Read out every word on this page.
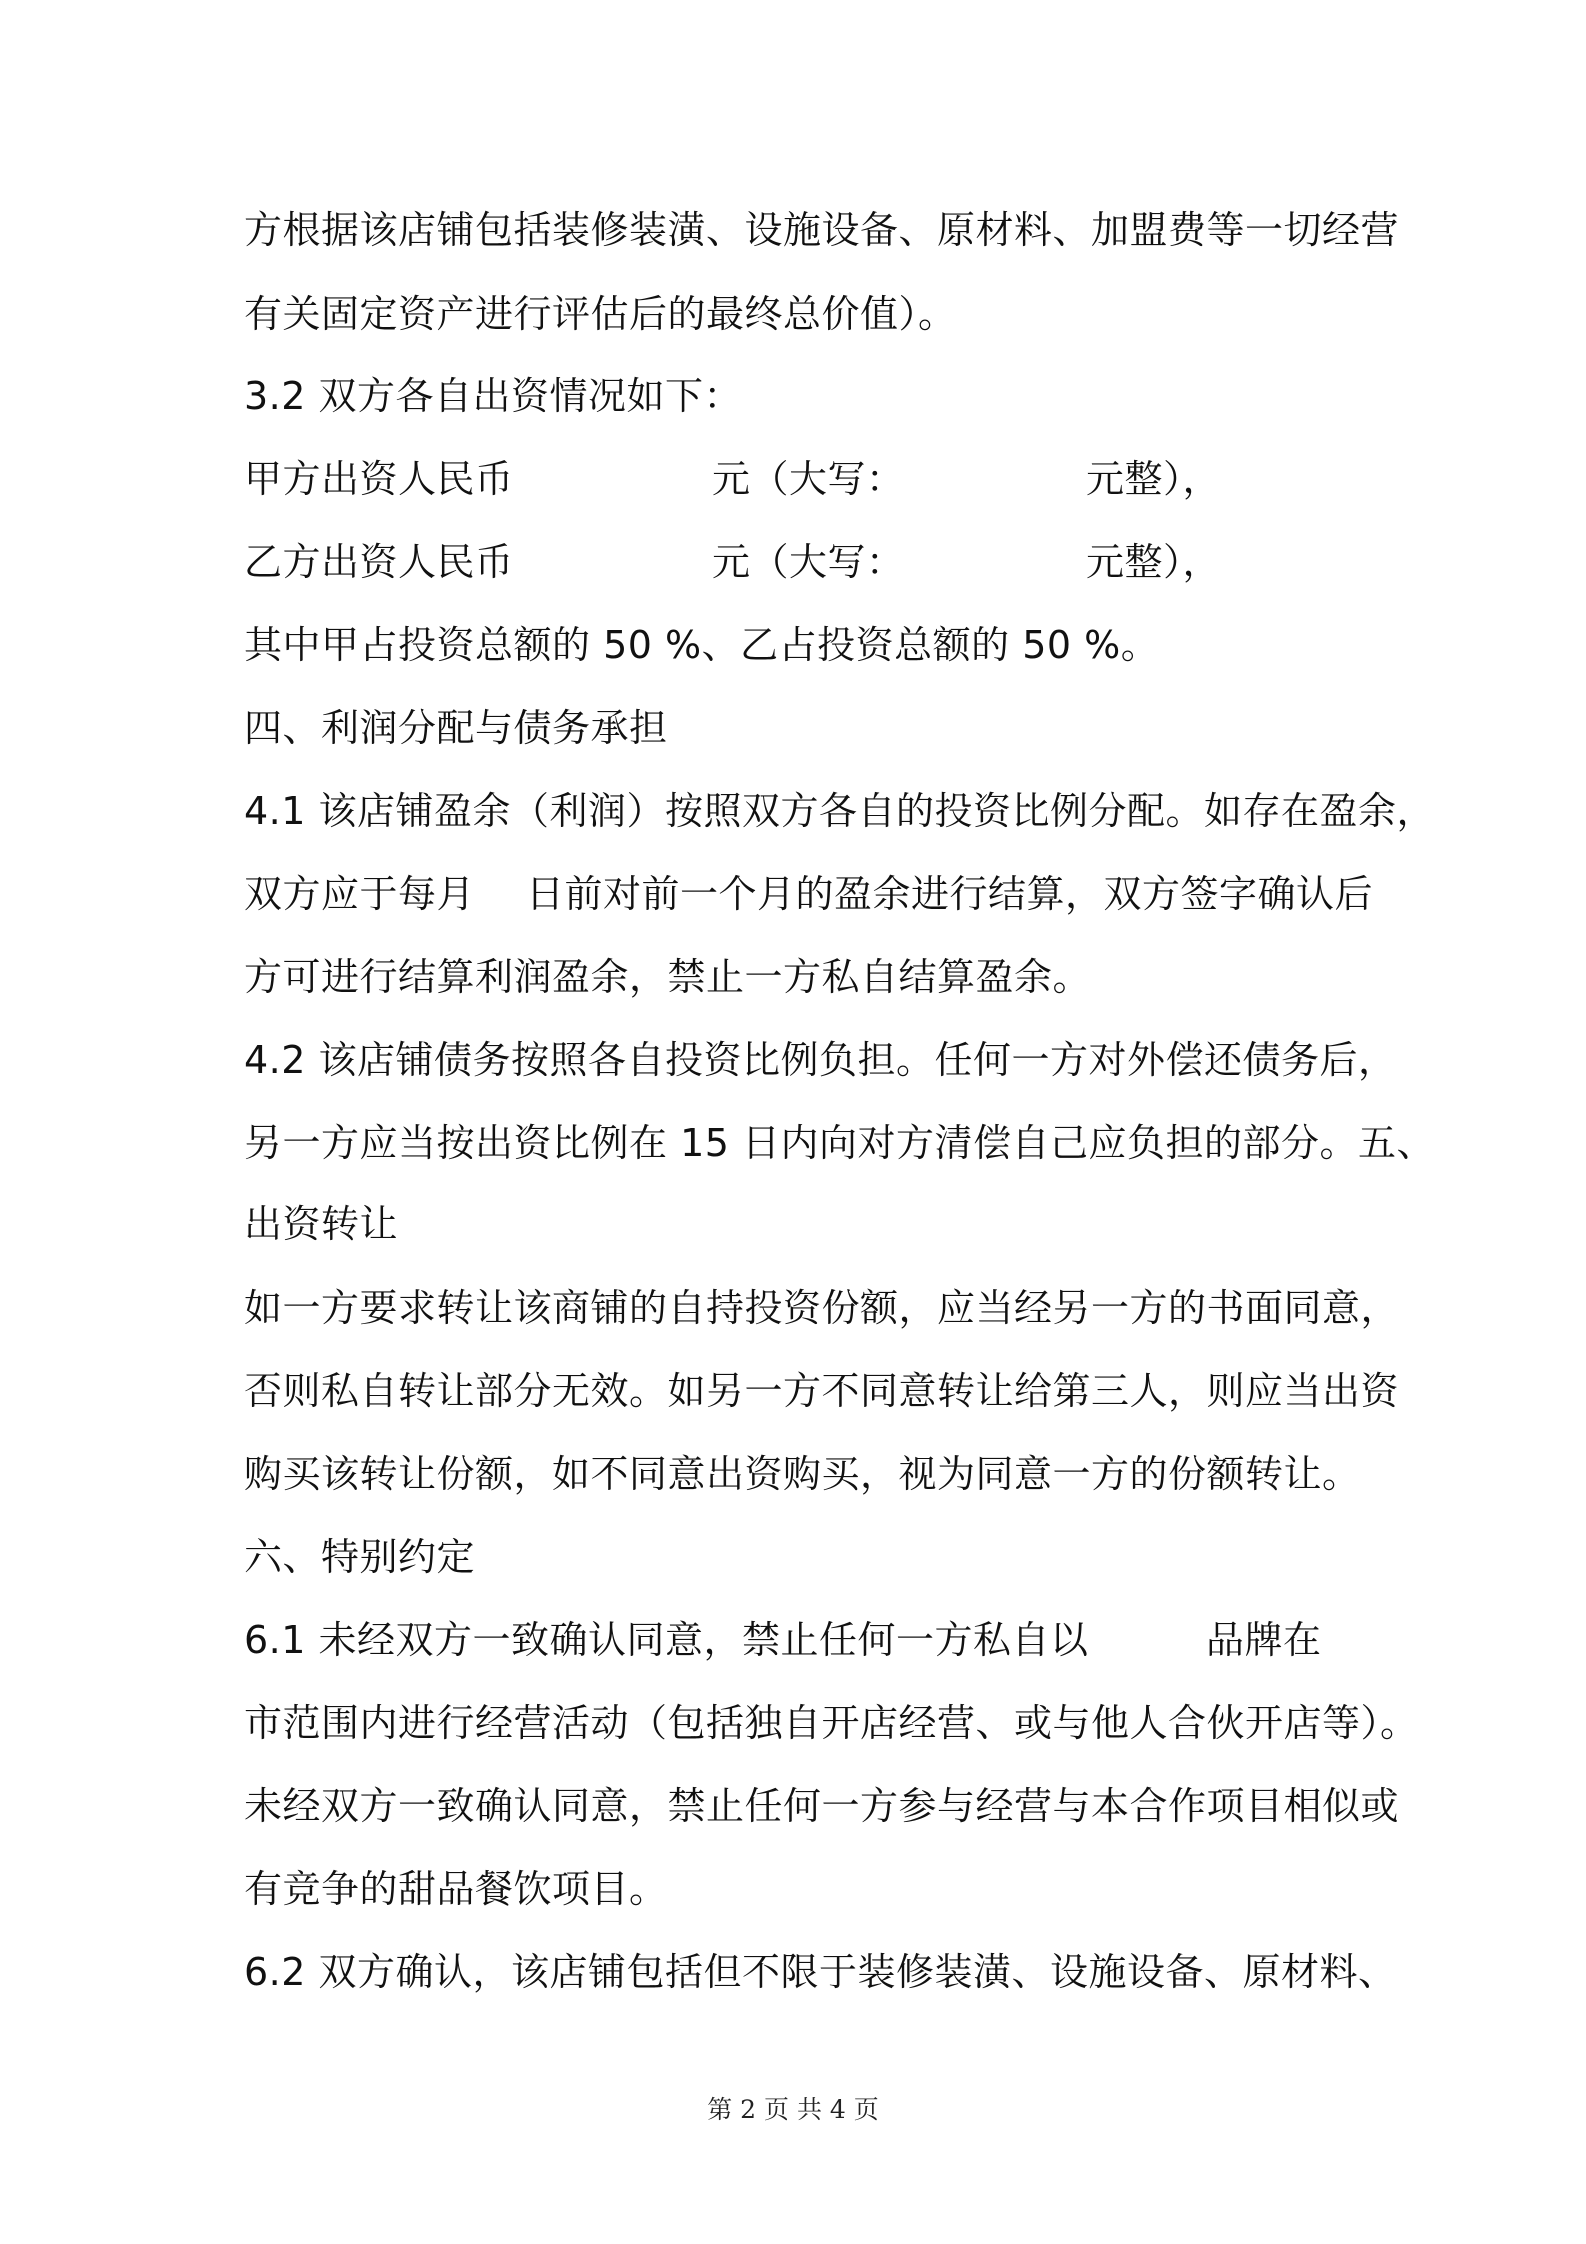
方根据该店铺包括装修装潢、设施设备、原材料、加盟费等一切经营
有关固定资产进行评估后的最终总价值）。
3.2 双方各自出资情况如下：
甲方出资人民币	元（大写：	元整），
乙方出资人民币	元（大写：	元整），
其中甲占投资总额的 50 %、乙占投资总额的 50 %。
四、利润分配与债务承担
4.1 该店铺盈余（利润）按照双方各自的投资比例分配。如存在盈余，
双方应于每月 日前对前一个月的盈余进行结算，双方签字确认后
方可进行结算利润盈余，禁止一方私自结算盈余。
4.2 该店铺债务按照各自投资比例负担。任何一方对外偿还债务后，
另一方应当按出资比例在 15 日内向对方清偿自己应负担的部分。五、
出资转让
如一方要求转让该商铺的自持投资份额，应当经另一方的书面同意，
否则私自转让部分无效。如另一方不同意转让给第三人，则应当出资
购买该转让份额，如不同意出资购买，视为同意一方的份额转让。
六、特别约定
6.1 未经双方一致确认同意，禁止任何一方私自以	品牌在
市范围内进行经营活动（包括独自开店经营、或与他人合伙开店等）。
未经双方一致确认同意，禁止任何一方参与经营与本合作项目相似或
有竞争的甜品餐饮项目。
6.2 双方确认，该店铺包括但不限于装修装潢、设施设备、原材料、
第 2 页 共 4 页
